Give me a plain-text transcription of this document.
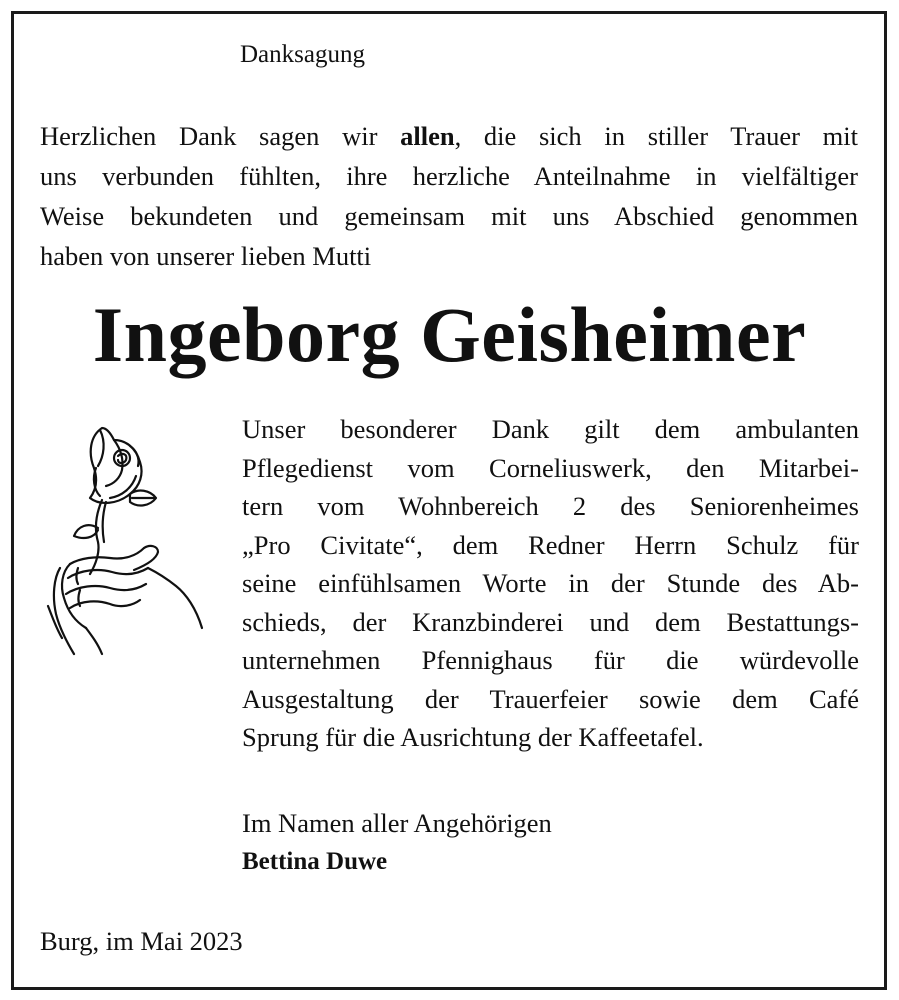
Danksagung
Herzlichen Dank sagen wir allen, die sich in stiller Trauer mit
uns verbunden fühlten, ihre herzliche Anteilnahme in vielfältiger
Weise bekundeten und gemeinsam mit uns Abschied genommen
haben von unserer lieben Mutti
Ingeborg Geisheimer
Unser besonderer Dank gilt dem ambulanten
Pflegedienst vom Corneliuswerk, den Mitarbei-
tern vom Wohnbereich 2 des Seniorenheimes
„Pro Civitate“, dem Redner Herrn Schulz für
seine einfühlsamen Worte in der Stunde des Ab-
schieds, der Kranzbinderei und dem Bestattungs-
unternehmen Pfennighaus für die würdevolle
Ausgestaltung der Trauerfeier sowie dem Café
Sprung für die Ausrichtung der Kaffeetafel.
Im Namen aller Angehörigen
Bettina Duwe
Burg, im Mai 2023
